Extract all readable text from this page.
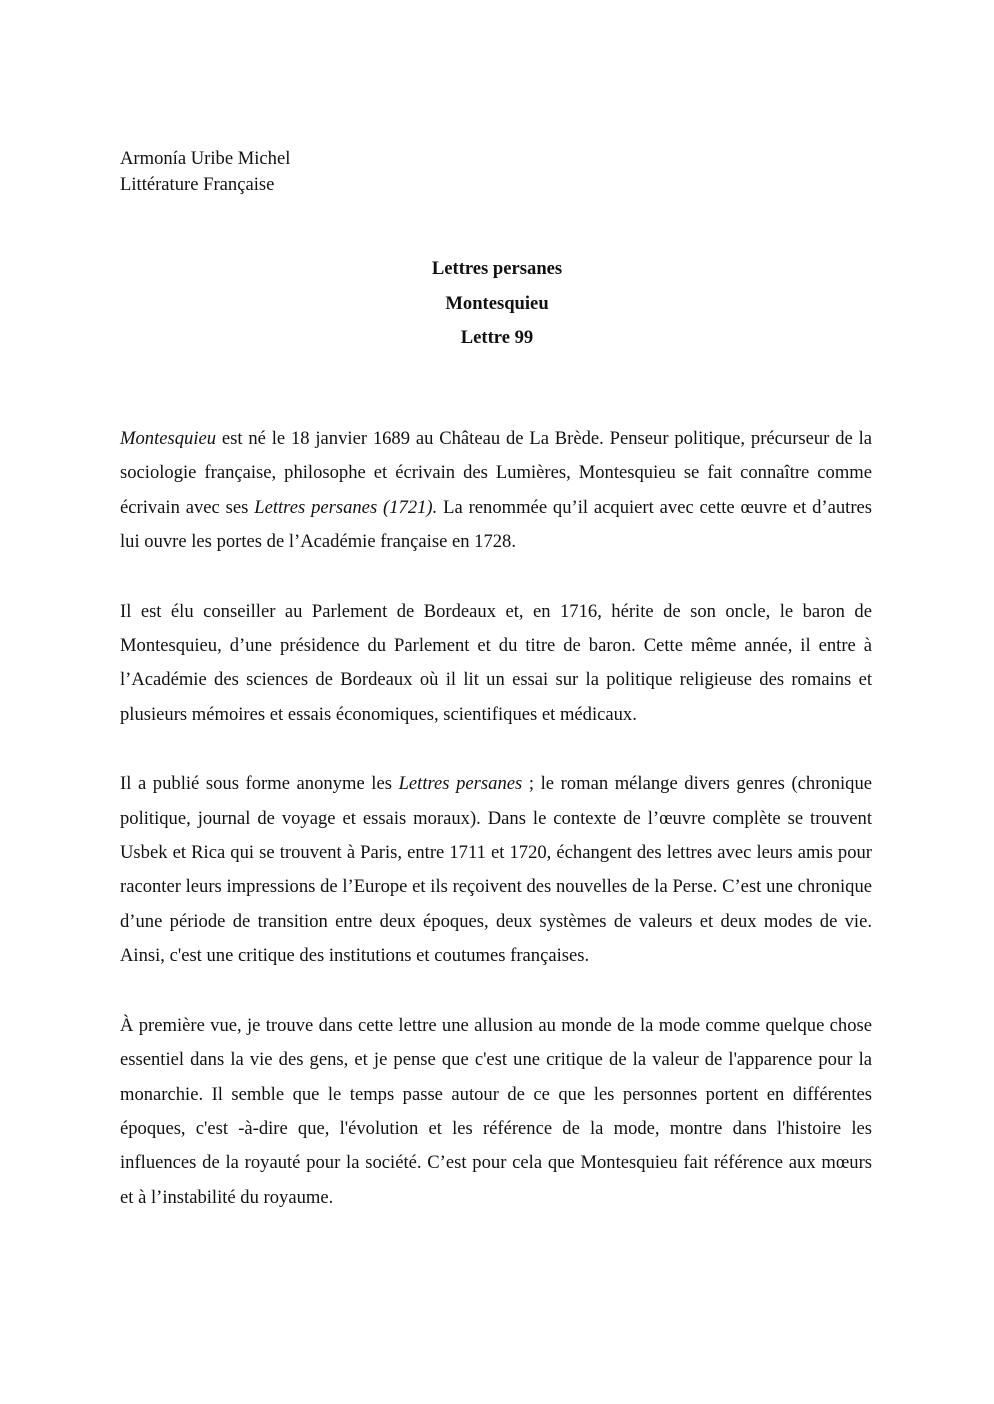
Armonía Uribe Michel
Littérature Française
Lettres persanes
Montesquieu
Lettre 99

Montesquieu est né le 18 janvier 1689 au Château de La Brède. Penseur politique, précurseur de la sociologie française, philosophe et écrivain des Lumières, Montesquieu se fait connaître comme écrivain avec ses Lettres persanes (1721). La renommée qu’il acquiert avec cette œuvre et d’autres lui ouvre les portes de l’Académie française en 1728.

Il est élu conseiller au Parlement de Bordeaux et, en 1716, hérite de son oncle, le baron de Montesquieu, d’une présidence du Parlement et du titre de baron. Cette même année, il entre à l’Académie des sciences de Bordeaux où il lit un essai sur la politique religieuse des romains et plusieurs mémoires et essais économiques, scientifiques et médicaux.

Il a publié sous forme anonyme les Lettres persanes ; le roman mélange divers genres (chronique politique, journal de voyage et essais moraux). Dans le contexte de l’œuvre complète se trouvent Usbek et Rica qui se trouvent à Paris, entre 1711 et 1720, échangent des lettres avec leurs amis pour raconter leurs impressions de l’Europe et ils reçoivent des nouvelles de la Perse. C’est une chronique d’une période de transition entre deux époques, deux systèmes de valeurs et deux modes de vie. Ainsi, c'est une critique des institutions et coutumes françaises.

À première vue, je trouve dans cette lettre une allusion au monde de la mode comme quelque chose essentiel dans la vie des gens, et je pense que c'est une critique de la valeur de l'apparence pour la monarchie. Il semble que le temps passe autour de ce que les personnes portent en différentes époques, c'est -à-dire que, l'évolution et les référence de la mode, montre dans l'histoire les influences de la royauté pour la société. C’est pour cela que Montesquieu fait référence aux mœurs et à l’instabilité du royaume.
